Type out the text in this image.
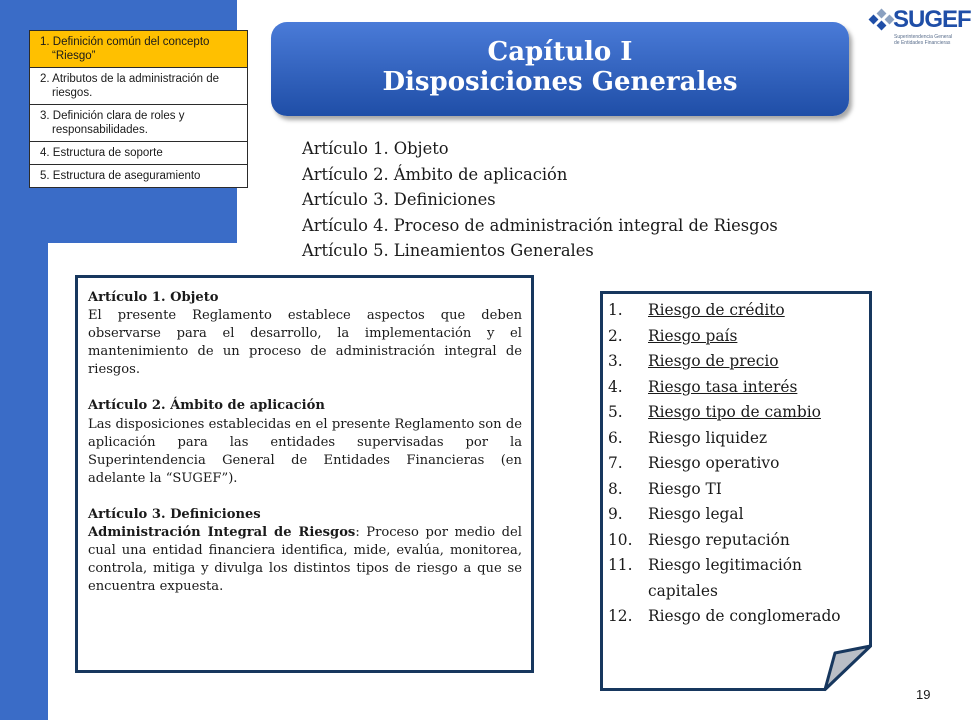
1. Definición común del concepto “Riesgo”
2. Atributos de la administración de riesgos.
3. Definición clara de roles y responsabilidades.
4. Estructura de soporte
5. Estructura de aseguramiento
Capítulo I
Disposiciones Generales
SUGEF
Superintendencia General de Entidades Financieras
Artículo 1. Objeto
Artículo 2. Ámbito de aplicación
Artículo 3. Definiciones
Artículo 4. Proceso de administración integral de Riesgos
Artículo 5. Lineamientos Generales
Artículo 1. Objeto
El presente Reglamento establece aspectos que deben observarse para el desarrollo, la implementación y el mantenimiento de un proceso de administración integral de riesgos.
Artículo 2. Ámbito de aplicación
Las disposiciones establecidas en el presente Reglamento son de aplicación para las entidades supervisadas por la Superintendencia General de Entidades Financieras (en adelante la “SUGEF”).
Artículo 3. Definiciones
Administración Integral de Riesgos: Proceso por medio del cual una entidad financiera identifica, mide, evalúa, monitorea, controla, mitiga y divulga los distintos tipos de riesgo a que se encuentra expuesta.
1.	Riesgo de crédito
2.	Riesgo país
3.	Riesgo de precio
4.	Riesgo tasa interés
5.	Riesgo tipo de cambio
6.	Riesgo liquidez
7.	Riesgo operativo
8.	Riesgo TI
9.	Riesgo legal
10.	Riesgo reputación
11.	Riesgo legitimación capitales
12.	Riesgo de conglomerado
19
